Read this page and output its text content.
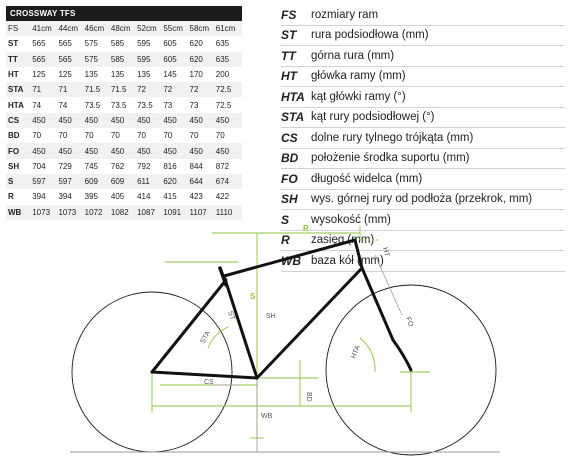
CROSSWAY TFS								
FS	41cm	44cm	46cm	48cm	52cm	55cm	58cm	61cm
ST	565	565	575	585	595	605	620	635
TT	565	565	575	585	595	605	620	635
HT	125	125	135	135	135	145	170	200
STA	71	71	71.5	71.5	72	72	72	72.5
HTA	74	74	73.5	73.5	73.5	73	73	72.5
CS	450	450	450	450	450	450	450	450
BD	70	70	70	70	70	70	70	70
FO	450	450	450	450	450	450	450	450
SH	704	729	745	762	792	816	844	872
S	597	597	609	609	611	620	644	674
R	394	394	395	405	414	415	423	422
WB	1073	1073	1072	1082	1087	1091	1107	1110
FS	rozmiary ram
ST	rura podsiodłowa (mm)
TT	górna rura (mm)
HT	główka ramy (mm)
HTA kąt główki ramy (°)
STA kąt rury podsiodłowej (°)
CS	dolne rury tylnego trójkąta (mm)
BD	położenie środka suportu (mm)
FO	długość widelca (mm)
SH	wys. górnej rury od podłoża (przekrok, mm)
S	wysokość (mm)
R	zasięg (mm)
WB baza kół (mm)
R
HT
S
ST	SH
STA
FO
HTA
CS
BD
WB
